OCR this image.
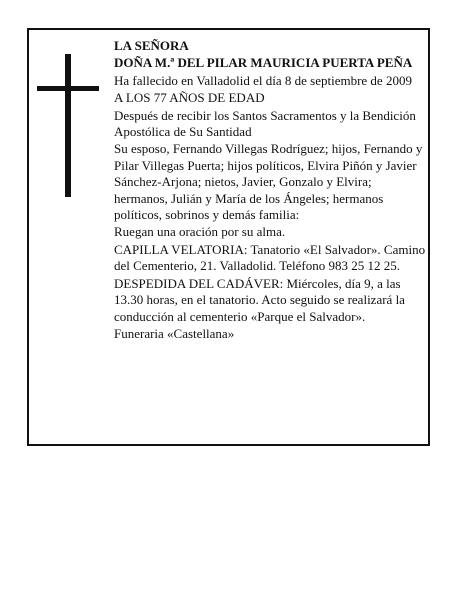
LA SEÑORA

DOÑA M.ª DEL PILAR MAURICIA PUERTA PEÑA

Ha fallecido en Valladolid el día 8 de septiembre de 2009

A LOS 77 AÑOS DE EDAD

Después de recibir los Santos Sacramentos y la Bendición Apostólica de Su Santidad

Su esposo, Fernando Villegas Rodríguez; hijos, Fernando y Pilar Villegas Puerta; hijos políticos, Elvira Piñón y Javier Sánchez-Arjona; nietos, Javier, Gonzalo y Elvira; hermanos, Julián y María de los Ángeles; hermanos políticos, sobrinos y demás familia:

Ruegan una oración por su alma.

CAPILLA VELATORIA: Tanatorio «El Salvador». Camino del Cementerio, 21. Valladolid. Teléfono 983 25 12 25.

DESPEDIDA DEL CADÁVER: Miércoles, día 9, a las 13.30 horas, en el tanatorio. Acto seguido se realizará la conducción al cementerio «Parque el Salvador».

Funeraria «Castellana»
